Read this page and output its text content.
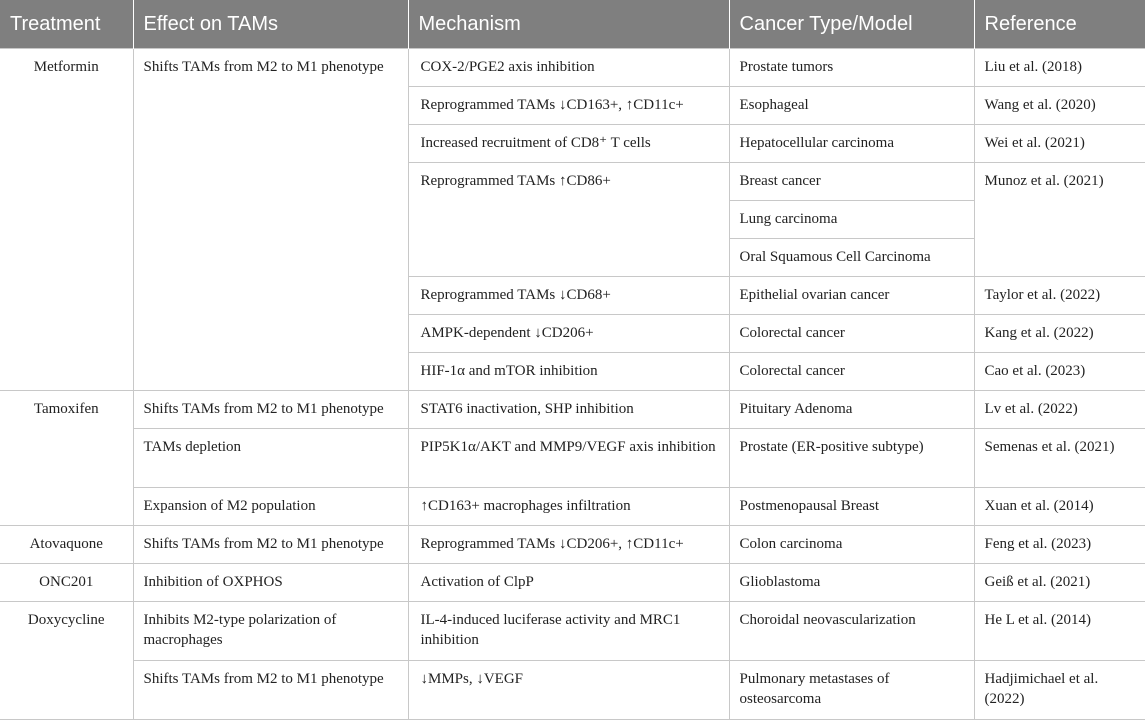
Treatment	Effect on TAMs	Mechanism	Cancer Type/Model	Reference
Metformin	Shifts TAMs from M2 to M1 phenotype	COX-2/PGE2 axis inhibition	Prostate tumors	Liu et al. (2018)
		Reprogrammed TAMs ↓CD163+, ↑CD11c+	Esophageal	Wang et al. (2020)
		Increased recruitment of CD8⁺ T cells	Hepatocellular carcinoma	Wei et al. (2021)
		Reprogrammed TAMs ↑CD86+	Breast cancer	Munoz et al. (2021)
			Lung carcinoma	
			Oral Squamous Cell Carcinoma	
		Reprogrammed TAMs ↓CD68+	Epithelial ovarian cancer	Taylor et al. (2022)
		AMPK-dependent ↓CD206+	Colorectal cancer	Kang et al. (2022)
		HIF-1α and mTOR inhibition	Colorectal cancer	Cao et al. (2023)
Tamoxifen	Shifts TAMs from M2 to M1 phenotype	STAT6 inactivation, SHP inhibition	Pituitary Adenoma	Lv et al. (2022)
	TAMs depletion	PIP5K1α/AKT and MMP9/VEGF axis inhibition	Prostate (ER-positive subtype)	Semenas et al. (2021)
	Expansion of M2 population	↑CD163+ macrophages infiltration	Postmenopausal Breast	Xuan et al. (2014)
Atovaquone	Shifts TAMs from M2 to M1 phenotype	Reprogrammed TAMs ↓CD206+, ↑CD11c+	Colon carcinoma	Feng et al. (2023)
ONC201	Inhibition of OXPHOS	Activation of ClpP	Glioblastoma	Geiß et al. (2021)
Doxycycline	Inhibits M2-type polarization of macrophages	IL-4-induced luciferase activity and MRC1 inhibition	Choroidal neovascularization	He L et al. (2014)
	Shifts TAMs from M2 to M1 phenotype	↓MMPs, ↓VEGF	Pulmonary metastases of osteosarcoma	Hadjimichael et al. (2022)
